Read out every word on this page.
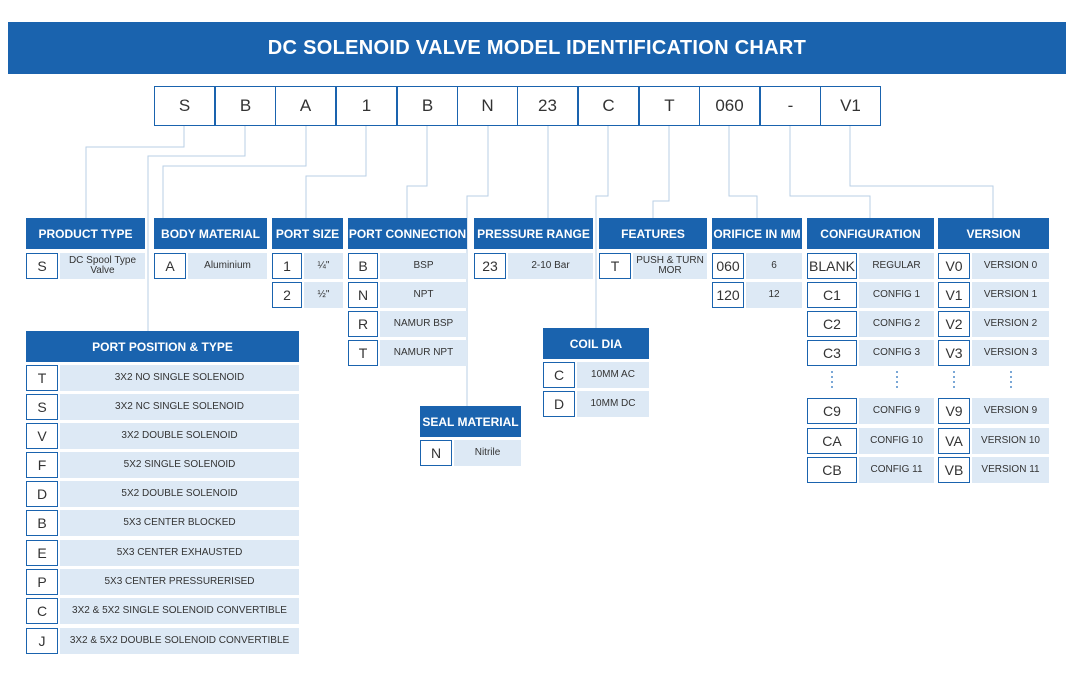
DC SOLENOID VALVE MODEL IDENTIFICATION CHART
S	B	A	1	B	N	23	C	T	060	-	V1
PRODUCT TYPE
S	DC Spool Type
Valve
BODY MATERIAL
A	Aluminium
PORT SIZE
1	¼"
2	½"
PORT CONNECTION
B	BSP
N	NPT
R	NAMUR BSP
T	NAMUR NPT
PRESSURE RANGE
23	2-10 Bar
FEATURES
T	PUSH & TURN
MOR
ORIFICE IN MM
060	6
120	12
CONFIGURATION
BLANK	REGULAR
C1	CONFIG 1
C2	CONFIG 2
C3	CONFIG 3
C9	CONFIG 9
CA	CONFIG 10
CB	CONFIG 11
VERSION
V0	VERSION 0
V1	VERSION 1
V2	VERSION 2
V3	VERSION 3
V9	VERSION 9
VA	VERSION 10
VB	VERSION 11
PORT POSITION & TYPE
T	3X2 NO SINGLE SOLENOID
S	3X2 NC SINGLE SOLENOID
V	3X2 DOUBLE SOLENOID
F	5X2 SINGLE SOLENOID
D	5X2 DOUBLE SOLENOID
B	5X3 CENTER BLOCKED
E	5X3 CENTER EXHAUSTED
P	5X3 CENTER PRESSURERISED
C	3X2 & 5X2 SINGLE SOLENOID CONVERTIBLE
J	3X2 & 5X2 DOUBLE SOLENOID CONVERTIBLE
COIL DIA
C	10MM AC
D	10MM DC
SEAL MATERIAL
N	Nitrile
